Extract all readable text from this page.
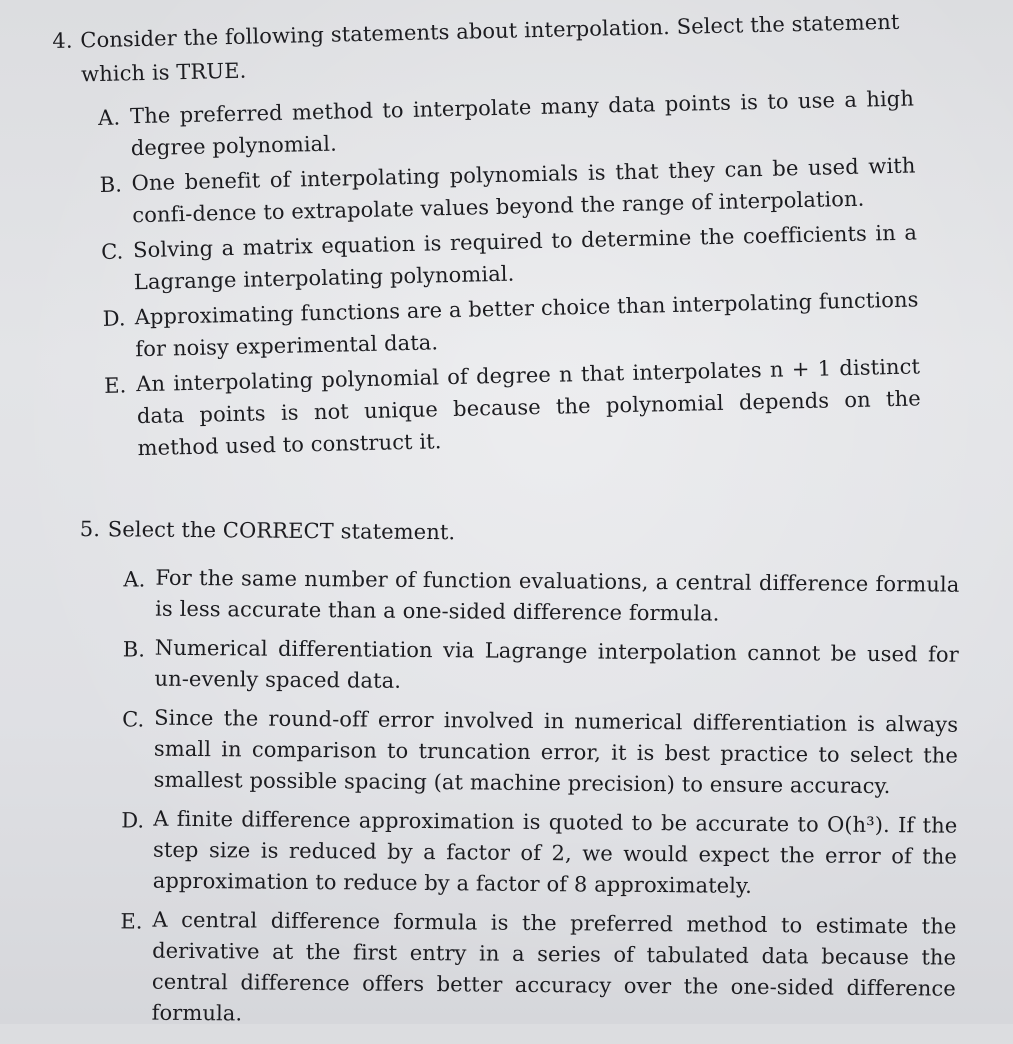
4. Consider the following statements about interpolation. Select the statement which is TRUE.
A. The preferred method to interpolate many data points is to use a high degree polynomial.
B. One benefit of interpolating polynomials is that they can be used with confi-dence to extrapolate values beyond the range of interpolation.
C. Solving a matrix equation is required to determine the coefficients in a Lagrange interpolating polynomial.
D. Approximating functions are a better choice than interpolating functions for noisy experimental data.
E. An interpolating polynomial of degree n that interpolates n + 1 distinct data points is not unique because the polynomial depends on the method used to construct it.
5. Select the CORRECT statement.
A. For the same number of function evaluations, a central difference formula is less accurate than a one-sided difference formula.
B. Numerical differentiation via Lagrange interpolation cannot be used for un-evenly spaced data.
C. Since the round-off error involved in numerical differentiation is always small in comparison to truncation error, it is best practice to select the smallest possible spacing (at machine precision) to ensure accuracy.
D. A finite difference approximation is quoted to be accurate to O(h³). If the step size is reduced by a factor of 2, we would expect the error of the approximation to reduce by a factor of 8 approximately.
E. A central difference formula is the preferred method to estimate the derivative at the first entry in a series of tabulated data because the central difference offers better accuracy over the one-sided difference formula.
